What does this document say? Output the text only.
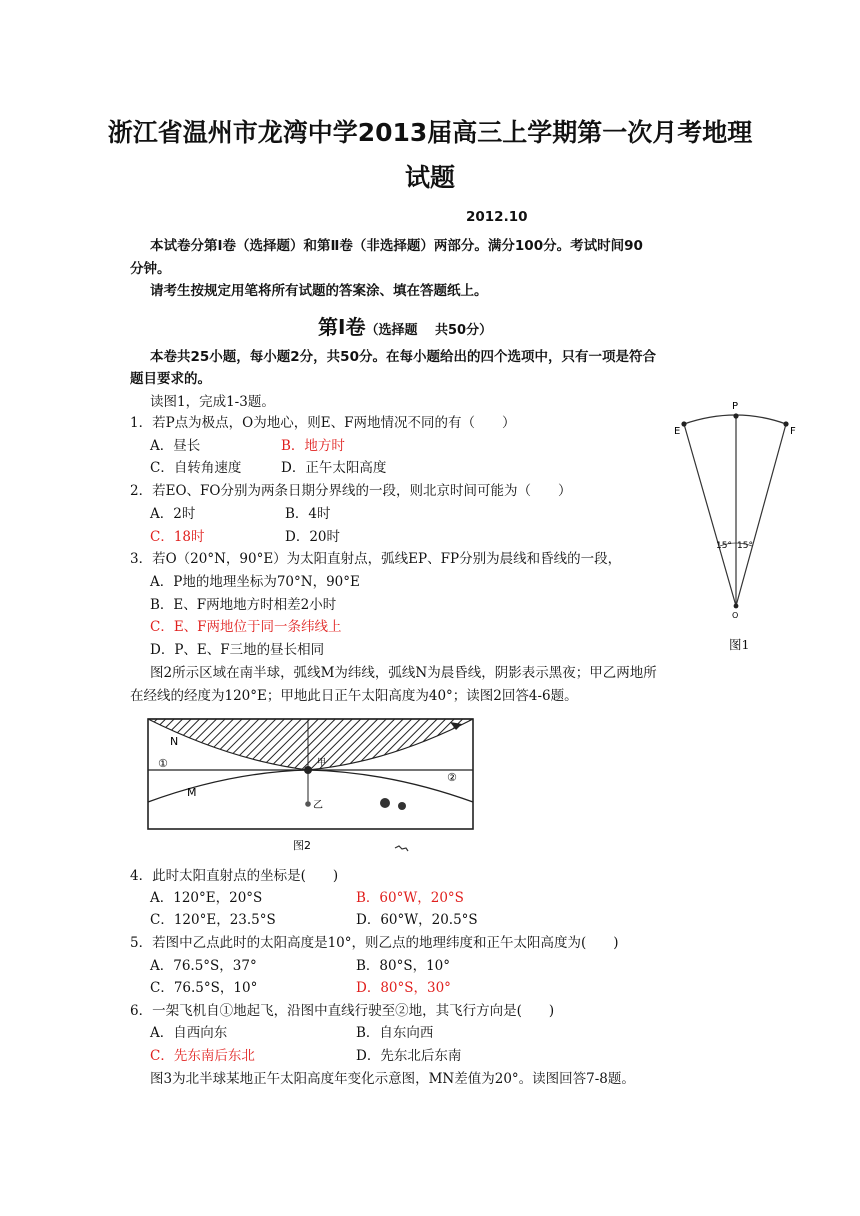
浙江省温州市龙湾中学2013届高三上学期第一次月考地理
试题
2012.10
本试卷分第Ⅰ卷（选择题）和第Ⅱ卷（非选择题）两部分。满分100分。考试时间90
分钟。
请考生按规定用笔将所有试题的答案涂、填在答题纸上。
第Ⅰ卷（选择题　 共50分）
本卷共25小题，每小题2分，共50分。在每小题给出的四个选项中，只有一项是符合
题目要求的。
读图1，完成1-3题。
1．若P点为极点，O为地心，则E、F两地情况不同的有（　　）
A．昼长	B．地方时
C．自转角速度	D．正午太阳高度
2．若EO、FO分别为两条日期分界线的一段，则北京时间可能为（　　）
A．2时	B．4时
C．18时	D．20时
3．若O（20°N，90°E）为太阳直射点，弧线EP、FP分别为晨线和昏线的一段，
A．P地的地理坐标为70°N，90°E
B．E、F两地地方时相差2小时
C．E、F两地位于同一条纬线上
D．P、E、F三地的昼长相同
P
E	F
O
15° 15°
图1
图2所示区域在南半球，弧线M为纬线，弧线N为晨昏线，阴影表示黑夜；甲乙两地所
在经线的经度为120°E；甲地此日正午太阳高度为40°；读图2回答4-6题。
N
M
①
②
甲
乙
图2
4．此时太阳直射点的坐标是(　　)
A．120°E，20°S	B．60°W，20°S
C．120°E，23.5°S	D．60°W，20.5°S
5．若图中乙点此时的太阳高度是10°，则乙点的地理纬度和正午太阳高度为(　　)
A．76.5°S，37°	B．80°S，10°
C．76.5°S，10°	D．80°S，30°
6．一架飞机自①地起飞，沿图中直线行驶至②地，其飞行方向是(　　)
A．自西向东	B．自东向西
C．先东南后东北	D．先东北后东南
图3为北半球某地正午太阳高度年变化示意图，MN差值为20°。读图回答7-8题。
